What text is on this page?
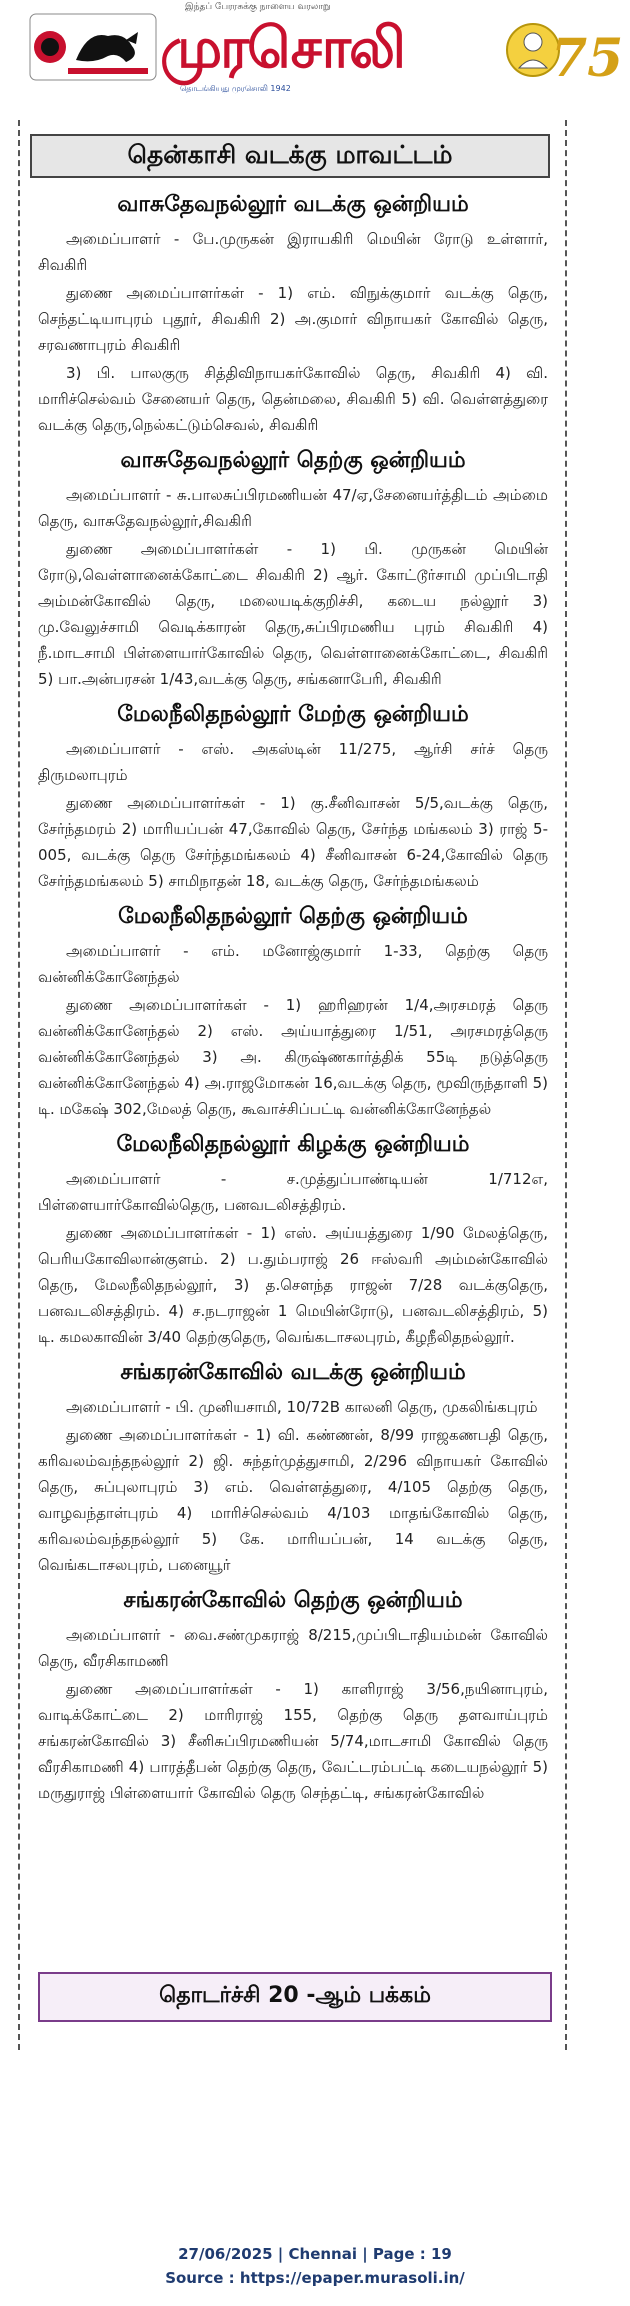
இந்தப் பேரரசுக்கு நாளைய வரலாறு
முரசொலி
தொடங்கியது முரசொலி 1942	75
தென்காசி வடக்கு மாவட்டம்
வாசுதேவநல்லூர் வடக்கு ஒன்றியம்

அமைப்பாளர் - பே.முருகன் இராயகிரி மெயின் ரோடு உள்ளார், சிவகிரி

துணை அமைப்பாளர்கள் - 1) எம். விநுக்குமார் வடக்கு தெரு, செந்தட்டியாபுரம் புதூர், சிவகிரி 2) அ.குமார் விநாயகர் கோவில் தெரு, சரவணாபுரம் சிவகிரி

3) பி. பாலகுரு சித்திவிநாயகர்கோவில் தெரு, சிவகிரி 4) வி. மாரிச்செல்வம் சேனையர் தெரு, தென்மலை, சிவகிரி 5) வி. வெள்ளத்துரை வடக்கு தெரு,நெல்கட்டும்செவல், சிவகிரி

வாசுதேவநல்லூர் தெற்கு ஒன்றியம்

அமைப்பாளர் - சு.பாலசுப்பிரமணியன் 47/ஏ,சேனையர்த்திடம் அம்மை தெரு, வாசுதேவநல்லூர்,சிவகிரி

துணை அமைப்பாளர்கள் - 1) பி. முருகன் மெயின் ரோடு,வெள்ளானைக்கோட்டை சிவகிரி 2) ஆர். கோட்டூர்சாமி முப்பிடாதி அம்மன்கோவில் தெரு, மலையடிக்குறிச்சி, கடைய நல்லூர் 3) மு.வேலுச்சாமி வெடிக்காரன் தெரு,சுப்பிரமணிய புரம் சிவகிரி 4) நீ.மாடசாமி பிள்ளையார்கோவில் தெரு, வெள்ளானைக்கோட்டை, சிவகிரி 5) பா.அன்பரசன் 1/43,வடக்கு தெரு, சங்கனாபேரி, சிவகிரி

மேலநீலிதநல்லூர் மேற்கு ஒன்றியம்

அமைப்பாளர் - எஸ். அகஸ்டின் 11/275, ஆர்சி சர்ச் தெரு திருமலாபுரம்

துணை அமைப்பாளர்கள் - 1) கு.சீனிவாசன் 5/5,வடக்கு தெரு, சேர்ந்தமரம் 2) மாரியப்பன் 47,கோவில் தெரு, சேர்ந்த மங்கலம் 3) ராஜ் 5-005, வடக்கு தெரு சேர்ந்தமங்கலம் 4) சீனிவாசன் 6-24,கோவில் தெரு சேர்ந்தமங்கலம் 5) சாமிநாதன் 18, வடக்கு தெரு, சேர்ந்தமங்கலம்

மேலநீலிதநல்லூர் தெற்கு ஒன்றியம்

அமைப்பாளர் - எம். மனோஜ்குமார் 1-33, தெற்கு தெரு வன்னிக்கோனேந்தல்

துணை அமைப்பாளர்கள் - 1) ஹரிஹரன் 1/4,அரசமரத் தெரு வன்னிக்கோனேந்தல் 2) எஸ். அய்யாத்துரை 1/51, அரசமரத்தெரு வன்னிக்கோனேந்தல் 3) அ. கிருஷ்ணகார்த்திக் 55டி நடுத்தெரு வன்னிக்கோனேந்தல் 4) அ.ராஜமோகன் 16,வடக்கு தெரு, மூவிருந்தாளி 5) டி. மகேஷ் 302,மேலத் தெரு, கூவாச்சிப்பட்டி வன்னிக்கோனேந்தல்

மேலநீலிதநல்லூர் கிழக்கு ஒன்றியம்

அமைப்பாளர் - ச.முத்துப்பாண்டியன் 1/712எ, பிள்ளையார்கோவில்தெரு, பனவடலிசத்திரம்.

துணை அமைப்பாளர்கள் - 1) எஸ். அய்யத்துரை 1/90 மேலத்தெரு, பெரியகோவிலான்குளம். 2) ப.தும்பராஜ் 26 ஈஸ்வரி அம்மன்கோவில் தெரு, மேலநீலிதநல்லூர், 3) த.சௌந்த ராஜன் 7/28 வடக்குதெரு, பனவடலிசத்திரம். 4) ச.நடராஜன் 1 மெயின்ரோடு, பனவடலிசத்திரம், 5) டி. கமலகாவின் 3/40 தெற்குதெரு, வெங்கடாசலபுரம், கீழநீலிதநல்லூர்.

சங்கரன்கோவில் வடக்கு ஒன்றியம்

அமைப்பாளர் - பி. முனியசாமி, 10/72B காலனி தெரு, முகலிங்கபுரம்

துணை அமைப்பாளர்கள் - 1) வி. கண்ணன், 8/99 ராஜகணபதி தெரு, கரிவலம்வந்தநல்லூர் 2) ஜி. சுந்தர்முத்துசாமி, 2/296 விநாயகர் கோவில் தெரு, சுப்புலாபுரம் 3) எம். வெள்ளத்துரை, 4/105 தெற்கு தெரு, வாழவந்தாள்புரம் 4) மாரிச்செல்வம் 4/103 மாதங்கோவில் தெரு, கரிவலம்வந்தநல்லூர் 5) கே. மாரியப்பன், 14 வடக்கு தெரு, வெங்கடாசலபுரம், பனையூர்

சங்கரன்கோவில் தெற்கு ஒன்றியம்

அமைப்பாளர் - வை.சண்முகராஜ் 8/215,முப்பிடாதியம்மன் கோவில் தெரு, வீரசிகாமணி

துணை அமைப்பாளர்கள் - 1) காளிராஜ் 3/56,நயினாபுரம், வாடிக்கோட்டை 2) மாரிராஜ் 155, தெற்கு தெரு தளவாய்புரம் சங்கரன்கோவில் 3) சீனிசுப்பிரமணியன் 5/74,மாடசாமி கோவில் தெரு வீரசிகாமணி 4) பாரத்தீபன் தெற்கு தெரு, வேட்டரம்பட்டி கடையநல்லூர் 5) மருதுராஜ் பிள்ளையார் கோவில் தெரு செந்தட்டி, சங்கரன்கோவில்

தொடர்ச்சி 20 -ஆம் பக்கம்
27/06/2025 | Chennai | Page : 19
Source : https://epaper.murasoli.in/
